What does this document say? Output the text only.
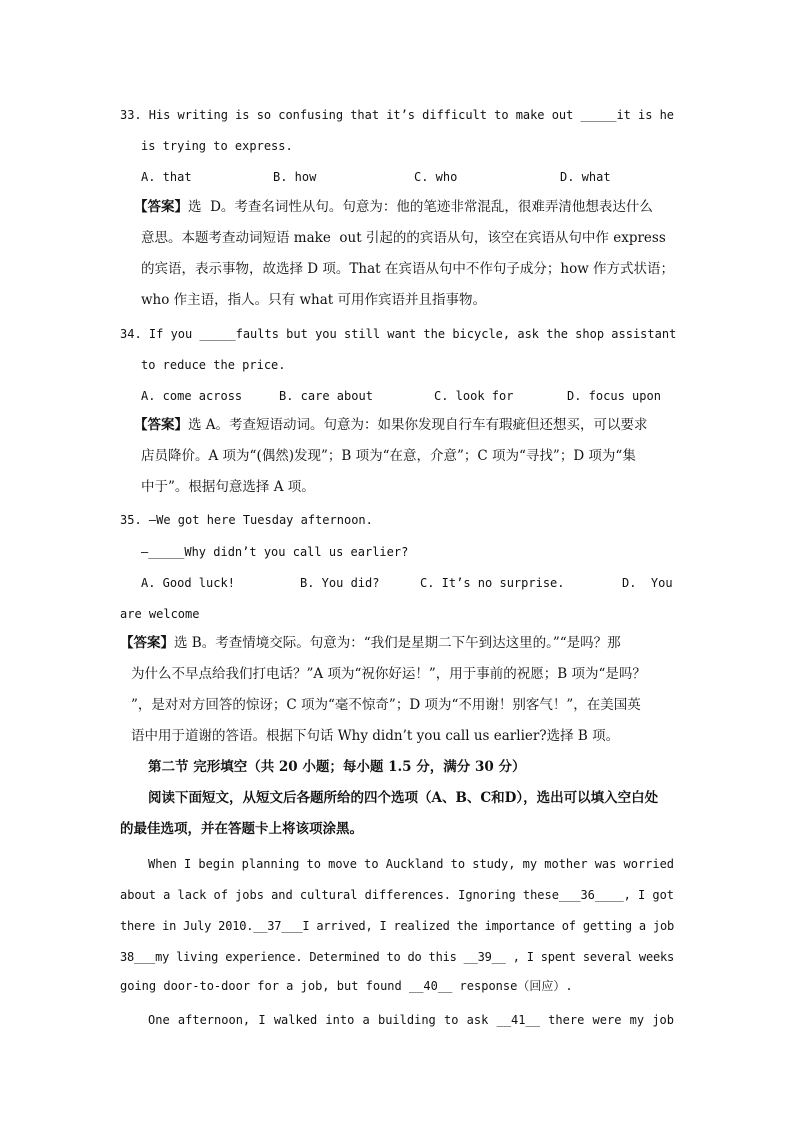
33. His writing is so confusing that it’s difficult to make out _____it is he
is trying to express.
A. that	B. how	C. who	D. what
【答案】选  D。考查名词性从句。句意为：他的笔迹非常混乱，很难弄清他想表达什么
意思。本题考查动词短语 make  out 引起的的宾语从句，该空在宾语从句中作 express
的宾语，表示事物，故选择 D 项。That 在宾语从句中不作句子成分；how 作方式状语；
who 作主语，指人。只有 what 可用作宾语并且指事物。
34. If you _____faults but you still want the bicycle, ask the shop assistant
to reduce the price.
A. come across	B. care about	C. look for	D. focus upon
【答案】选 A。考查短语动词。句意为：如果你发现自行车有瑕疵但还想买，可以要求
店员降价。A 项为“(偶然)发现”；B 项为“在意，介意”；C 项为“寻找”；D 项为“集
中于”。根据句意选择 A 项。
35. —We got here Tuesday afternoon.
—_____Why didn’t you call us earlier?
A. Good luck!	B. You did?	C. It’s no surprise.	D.  You
are welcome
【答案】选 B。考查情境交际。句意为：“我们是星期二下午到达这里的。”“是吗？那
为什么不早点给我们打电话？”A 项为“祝你好运！”，用于事前的祝愿；B 项为“是吗？
”，是对对方回答的惊讶；C 项为“毫不惊奇”；D 项为“不用谢！别客气！”，在美国英
语中用于道谢的答语。根据下句话 Why didn’t you call us earlier?选择 B 项。
第二节 完形填空（共 20 小题；每小题 1.5 分，满分 30 分）
阅读下面短文，从短文后各题所给的四个选项（A、B、C和D），选出可以填入空白处
的最佳选项，并在答题卡上将该项涂黑。
When I begin planning to move to Auckland to study, my mother was worried
about a lack of jobs and cultural differences. Ignoring these___36____, I got
there in July 2010.__37___I arrived, I realized the importance of getting a job
38___my living experience. Determined to do this __39__ , I spent several weeks
going door-to-door for a job, but found __40__ response（回应）.
One afternoon, I walked into a building to ask __41__ there were my job
